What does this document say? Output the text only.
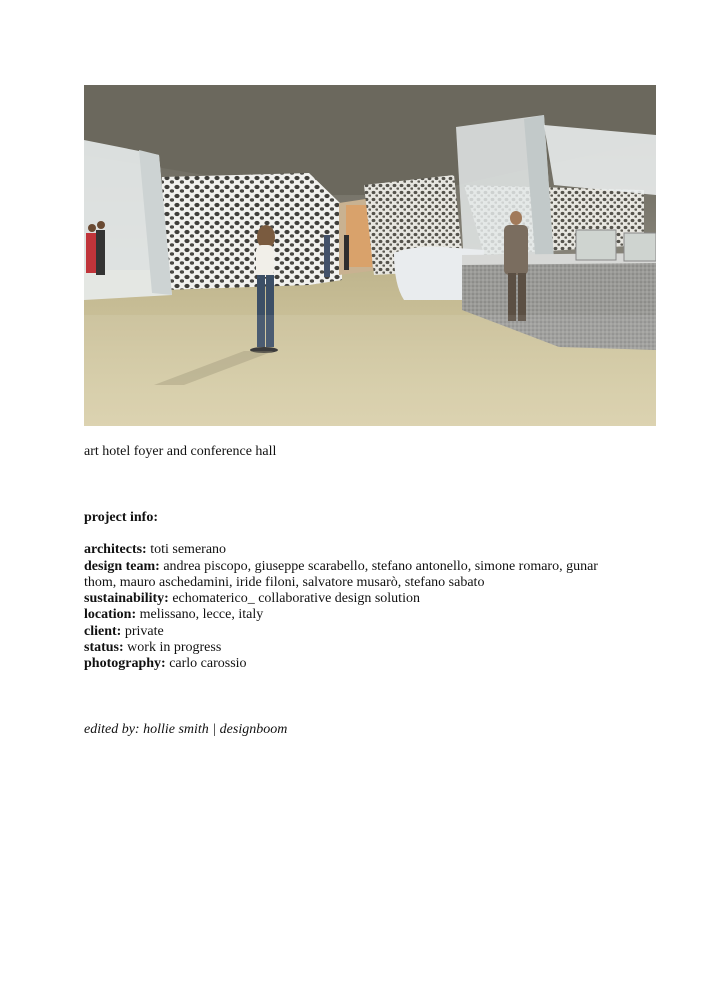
art hotel foyer and conference hall
project info:
architects: toti semerano
design team: andrea piscopo, giuseppe scarabello, stefano antonello, simone romaro, gunar thom, mauro aschedamini, iride filoni, salvatore musarò, stefano sabato
sustainability: echomaterico_ collaborative design solution
location: melissano, lecce, italy
client: private
status: work in progress
photography: carlo carossio
edited by: hollie smith | designboom
